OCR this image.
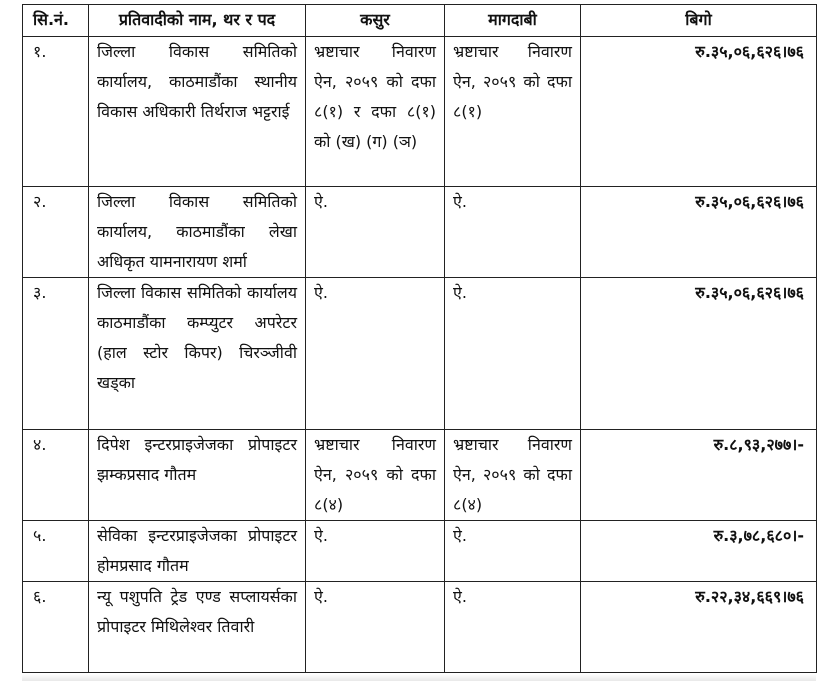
सि.नं.	प्रतिवादीको नाम, थर र पद	कसुर	मागदाबी	बिगो
१.	जिल्ला विकास समितिको कार्यालय, काठमाडौंका स्थानीय विकास अधिकारी तिर्थराज भट्टराई	भ्रष्टाचार निवारण ऐन, २०५९ को दफा ८(१) र दफा ८(१) को (ख) (ग) (ञ)	भ्रष्टाचार निवारण ऐन, २०५९ को दफा ८(१)	रु.३५,०६,६२६।७६
२.	जिल्ला विकास समितिको कार्यालय, काठमाडौंका लेखा अधिकृत यामनारायण शर्मा	ऐ.	ऐ.	रु.३५,०६,६२६।७६
३.	जिल्ला विकास समितिको कार्यालय काठमाडौंका कम्प्युटर अपरेटर (हाल स्टोर किपर) चिरञ्जीवी खड्का	ऐ.	ऐ.	रु.३५,०६,६२६।७६
४.	दिपेश इन्टरप्राइजेजका प्रोपाइटर झम्कप्रसाद गौतम	भ्रष्टाचार निवारण ऐन, २०५९ को दफा ८(४)	भ्रष्टाचार निवारण ऐन, २०५९ को दफा ८(४)	रु.८,९३,२७७।-
५.	सेविका इन्टरप्राइजेजका प्रोपाइटर होमप्रसाद गौतम	ऐ.	ऐ.	रु.३,७८,६८०।-
६.	न्यू पशुपति ट्रेड एण्ड सप्लायर्सका प्रोपाइटर मिथिलेश्वर तिवारी	ऐ.	ऐ.	रु.२२,३४,६६९।७६
